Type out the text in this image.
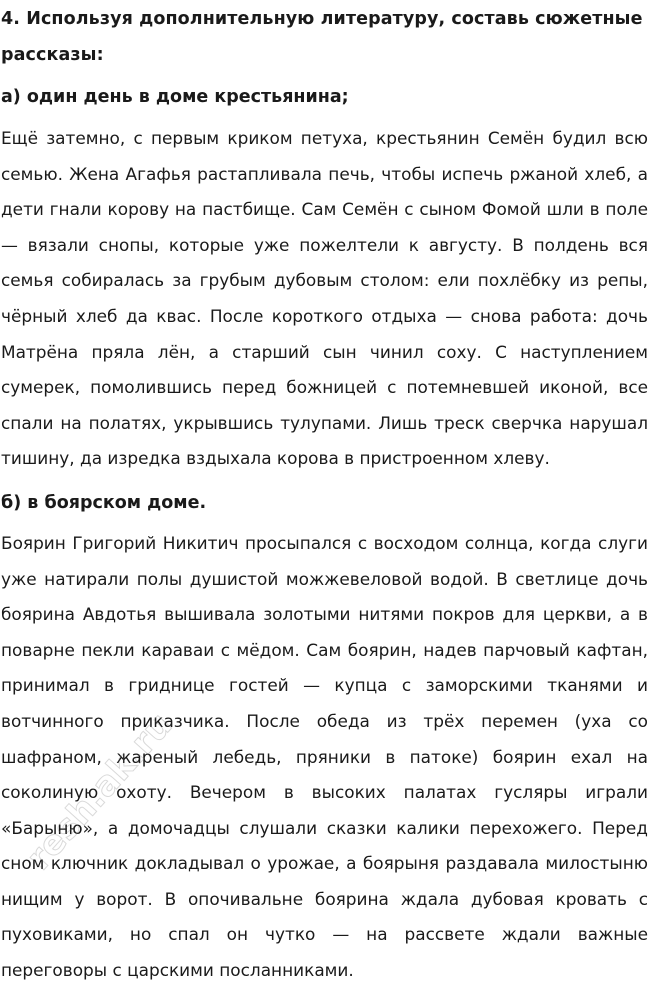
4. Используя дополнительную литературу, составь сюжетные рассказы:

а) один день в доме крестьянина;

Ещё затемно, с первым криком петуха, крестьянин Семён будил всю семью. Жена Агафья растапливала печь, чтобы испечь ржаной хлеб, а дети гнали корову на пастбище. Сам Семён с сыном Фомой шли в поле — вязали снопы, которые уже пожелтели к августу. В полдень вся семья собиралась за грубым дубовым столом: ели похлёбку из репы, чёрный хлеб да квас. После короткого отдыха — снова работа: дочь Матрёна пряла лён, а старший сын чинил соху. С наступлением сумерек, помолившись перед божницей с потемневшей иконой, все спали на полатях, укрывшись тулупами. Лишь треск сверчка нарушал тишину, да изредка вздыхала корова в пристроенном хлеву.

б) в боярском доме.

Боярин Григорий Никитич просыпался с восходом солнца, когда слуги уже натирали полы душистой можжевеловой водой. В светлице дочь боярина Авдотья вышивала золотыми нитями покров для церкви, а в поварне пекли караваи с мёдом. Сам боярин, надев парчовый кафтан, принимал в гриднице гостей — купца с заморскими тканями и вотчинного приказчика. После обеда из трёх перемен (уха со шафраном, жареный лебедь, пряники в патоке) боярин ехал на соколиную охоту. Вечером в высоких палатах гусляры играли «Барыню», а домочадцы слушали сказки калики перехожего. Перед сном ключник докладывал о урожае, а боярыня раздавала милостыню нищим у ворот. В опочивальне боярина ждала дубовая кровать с пуховиками, но спал он чутко — на рассвете ждали важные переговоры с царскими посланниками.

resh.ak.ru
